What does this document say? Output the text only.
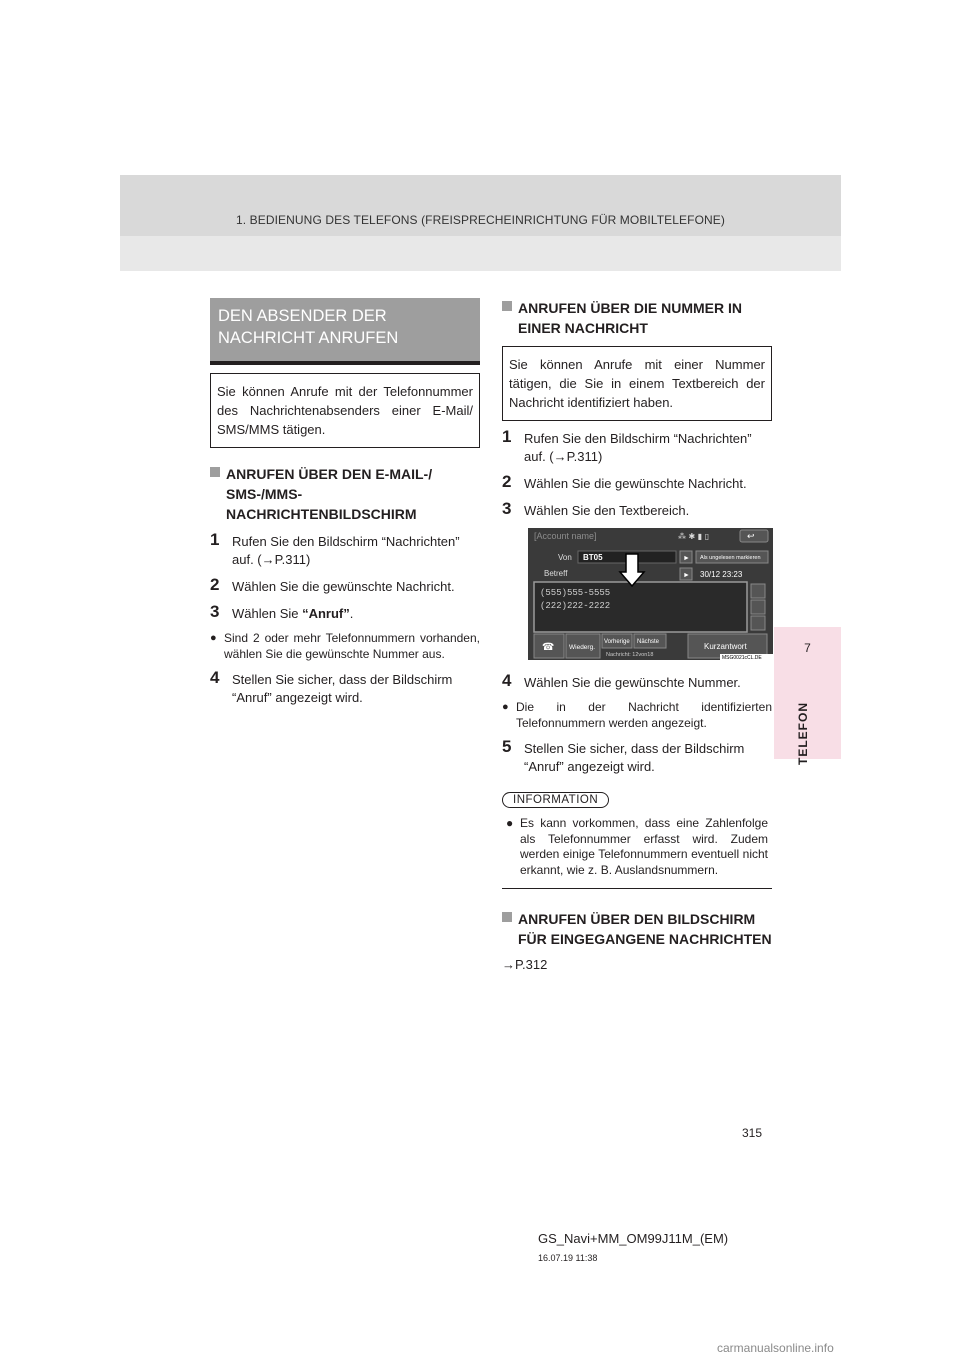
1. BEDIENUNG DES TELEFONS (FREISPRECHEINRICHTUNG FÜR MOBILTELEFONE)
7
TELEFON
DEN ABSENDER DER NACHRICHT ANRUFEN
Sie können Anrufe mit der Telefonnummer des Nachrichtenabsenders einer E-Mail/ SMS/MMS tätigen.
ANRUFEN ÜBER DEN E-MAIL-/ SMS-/MMS- NACHRICHTENBILDSCHIRM
1 Rufen Sie den Bildschirm “Nachrichten” auf. (→P.311)
2 Wählen Sie die gewünschte Nachricht.
3 Wählen Sie “Anruf”.
● Sind 2 oder mehr Telefonnummern vorhanden, wählen Sie die gewünschte Nummer aus.
4 Stellen Sie sicher, dass der Bildschirm “Anruf” angezeigt wird.
ANRUFEN ÜBER DIE NUMMER IN EINER NACHRICHT
Sie können Anrufe mit einer Nummer tätigen, die Sie in einem Textbereich der Nachricht identifiziert haben.
1 Rufen Sie den Bildschirm “Nachrichten” auf. (→P.311)
2 Wählen Sie die gewünschte Nachricht.
3 Wählen Sie den Textbereich.
[Account name]	⁂ ✱ ▮ ▯	↩
Von BT05	► Als ungelesen markieren
Betreff	► 30/12 23:23
(555)555-5555
(222)222-2222
☎ Wiederg.
Vorherige Nächste
Nachricht: 12von18
Kurzantwort
MSG0021cCL.DE
4 Wählen Sie die gewünschte Nummer.
● Die in der Nachricht identifizierten Telefonnummern werden angezeigt.
5 Stellen Sie sicher, dass der Bildschirm “Anruf” angezeigt wird.
INFORMATION
● Es kann vorkommen, dass eine Zahlenfolge als Telefonnummer erfasst wird. Zudem werden einige Telefonnummern eventuell nicht erkannt, wie z. B. Auslandsnummern.
ANRUFEN ÜBER DEN BILDSCHIRM FÜR EINGEGANGENE NACHRICHTEN
→P.312
315
GS_Navi+MM_OM99J11M_(EM)
16.07.19 11:38
carmanualsonline.info
